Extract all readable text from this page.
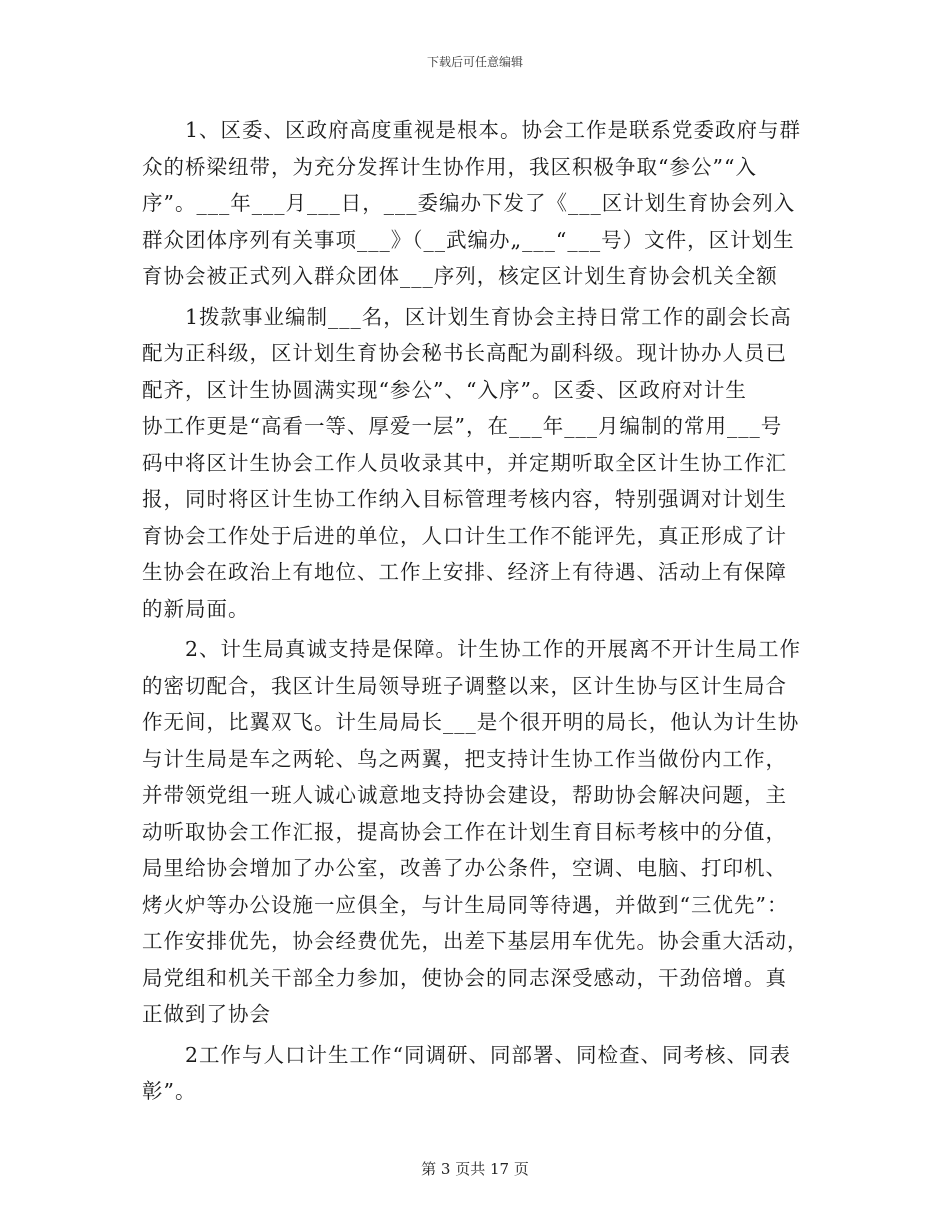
下载后可任意编辑
　　1、区委、区政府高度重视是根本。协会工作是联系党委政府与群
众的桥梁纽带，为充分发挥计生协作用，我区积极争取“参公”“入
序”。___年___月___日，___委编办下发了《___区计划生育协会列入
群众团体序列有关事项___》（__武编办„___“___号）文件，区计划生
育协会被正式列入群众团体___序列，核定区计划生育协会机关全额
　　1拨款事业编制___名，区计划生育协会主持日常工作的副会长高
配为正科级，区计划生育协会秘书长高配为副科级。现计协办人员已
配齐，区计生协圆满实现“参公”、“入序”。区委、区政府对计生
协工作更是“高看一等、厚爱一层”，在___年___月编制的常用___号
码中将区计生协会工作人员收录其中，并定期听取全区计生协工作汇
报，同时将区计生协工作纳入目标管理考核内容，特别强调对计划生
育协会工作处于后进的单位，人口计生工作不能评先，真正形成了计
生协会在政治上有地位、工作上安排、经济上有待遇、活动上有保障
的新局面。
　　2、计生局真诚支持是保障。计生协工作的开展离不开计生局工作
的密切配合，我区计生局领导班子调整以来，区计生协与区计生局合
作无间，比翼双飞。计生局局长___是个很开明的局长，他认为计生协
与计生局是车之两轮、鸟之两翼，把支持计生协工作当做份内工作，
并带领党组一班人诚心诚意地支持协会建设，帮助协会解决问题，主
动听取协会工作汇报，提高协会工作在计划生育目标考核中的分值，
局里给协会增加了办公室，改善了办公条件，空调、电脑、打印机、
烤火炉等办公设施一应俱全，与计生局同等待遇，并做到“三优先”：
工作安排优先，协会经费优先，出差下基层用车优先。协会重大活动，
局党组和机关干部全力参加，使协会的同志深受感动，干劲倍增。真
正做到了协会
　　2工作与人口计生工作“同调研、同部署、同检查、同考核、同表
彰”。
第 3 页共 17 页
